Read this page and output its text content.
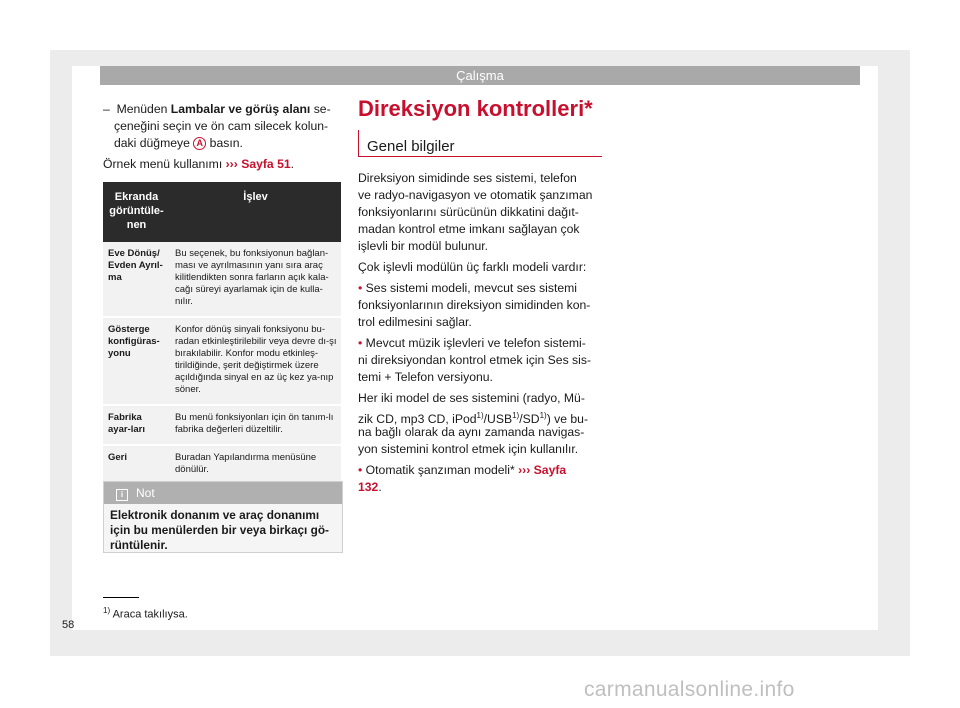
Çalışma
– Menüden Lambalar ve görüş alanı se-
çeneğini seçin ve ön cam silecek kolun-
daki düğmeye A basın.
Örnek menü kullanımı ››› Sayfa 51.
Ekranda görüntüle-nen	İşlev
Eve Dönüş/ Evden Ayrıl-ma	Bu seçenek, bu fonksiyonun bağlan-ması ve ayrılmasının yanı sıra araç kilitlendikten sonra farların açık kala-cağı süreyi ayarlamak için de kulla-nılır.
Gösterge konfigüras-yonu	Konfor dönüş sinyali fonksiyonu bu-radan etkinleştirilebilir veya devre dı-şı bırakılabilir. Konfor modu etkinleş-tirildiğinde, şerit değiştirmek üzere açıldığında sinyal en az üç kez ya-nıp söner.
Fabrika ayar-ları	Bu menü fonksiyonları için ön tanım-lı fabrika değerleri düzeltilir.
Geri	Buradan Yapılandırma menüsüne dönülür.
i Not
Elektronik donanım ve araç donanımı için bu menülerden bir veya birkaçı gö-rüntülenir.
Direksiyon kontrolleri*
Genel bilgiler
Direksiyon simidinde ses sistemi, telefon
ve radyo-navigasyon ve otomatik şanzıman
fonksiyonlarını sürücünün dikkatini dağıt-
madan kontrol etme imkanı sağlayan çok
işlevli bir modül bulunur.
Çok işlevli modülün üç farklı modeli vardır:
• Ses sistemi modeli, mevcut ses sistemi
fonksiyonlarının direksiyon simidinden kon-
trol edilmesini sağlar.
• Mevcut müzik işlevleri ve telefon sistemi-
ni direksiyondan kontrol etmek için Ses sis-
temi + Telefon versiyonu.
Her iki model de ses sistemini (radyo, Mü-
zik CD, mp3 CD, iPod$^{1)}$/USB$^{1)}$/SD$^{1)}$) ve bu-
na bağlı olarak da aynı zamanda navigas-
yon sistemini kontrol etmek için kullanılır.
• Otomatik şanzıman modeli* ››› Sayfa
132.
$^{1)}$ Araca takılıysa.
58
carmanualsonline.info
